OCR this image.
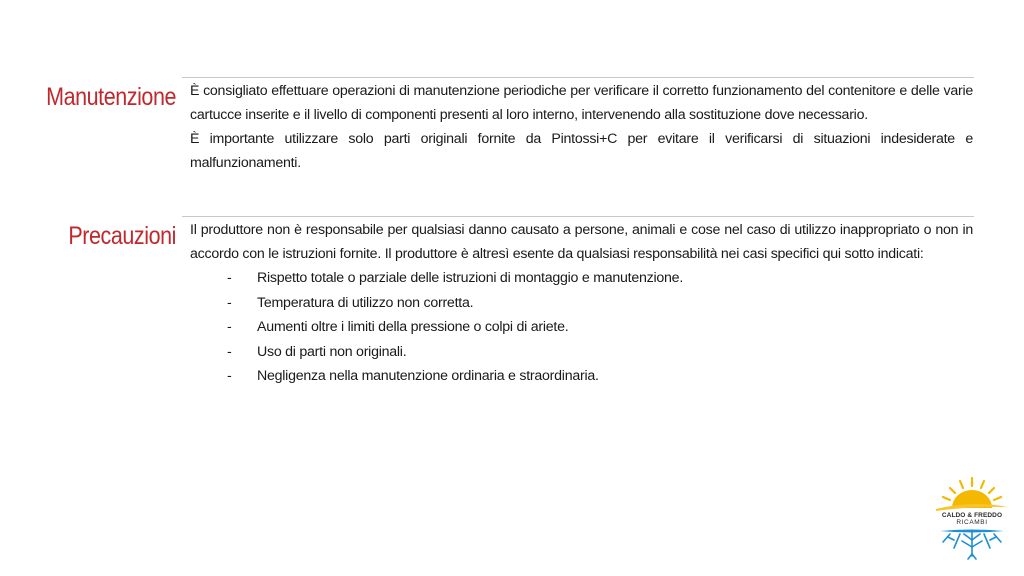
Manutenzione È consigliato effettuare operazioni di manutenzione periodiche per verificare il corretto funzionamento del contenitore e delle varie cartucce inserite e il livello di componenti presenti al loro interno, intervenendo alla sostituzione dove necessario.

È importante utilizzare solo parti originali fornite da Pintossi+C per evitare il verificarsi di situazioni indesiderate e malfunzionamenti.

Precauzioni Il produttore non è responsabile per qualsiasi danno causato a persone, animali e cose nel caso di utilizzo inappropriato o non in accordo con le istruzioni fornite. Il produttore è altresì esente da qualsiasi responsabilità nei casi specifici qui sotto indicati:

- Rispetto totale o parziale delle istruzioni di montaggio e manutenzione.
- Temperatura di utilizzo non corretta.
- Aumenti oltre i limiti della pressione o colpi di ariete.
- Uso di parti non originali.
- Negligenza nella manutenzione ordinaria e straordinaria.
CALDO & FREDDO
RICAMBI
